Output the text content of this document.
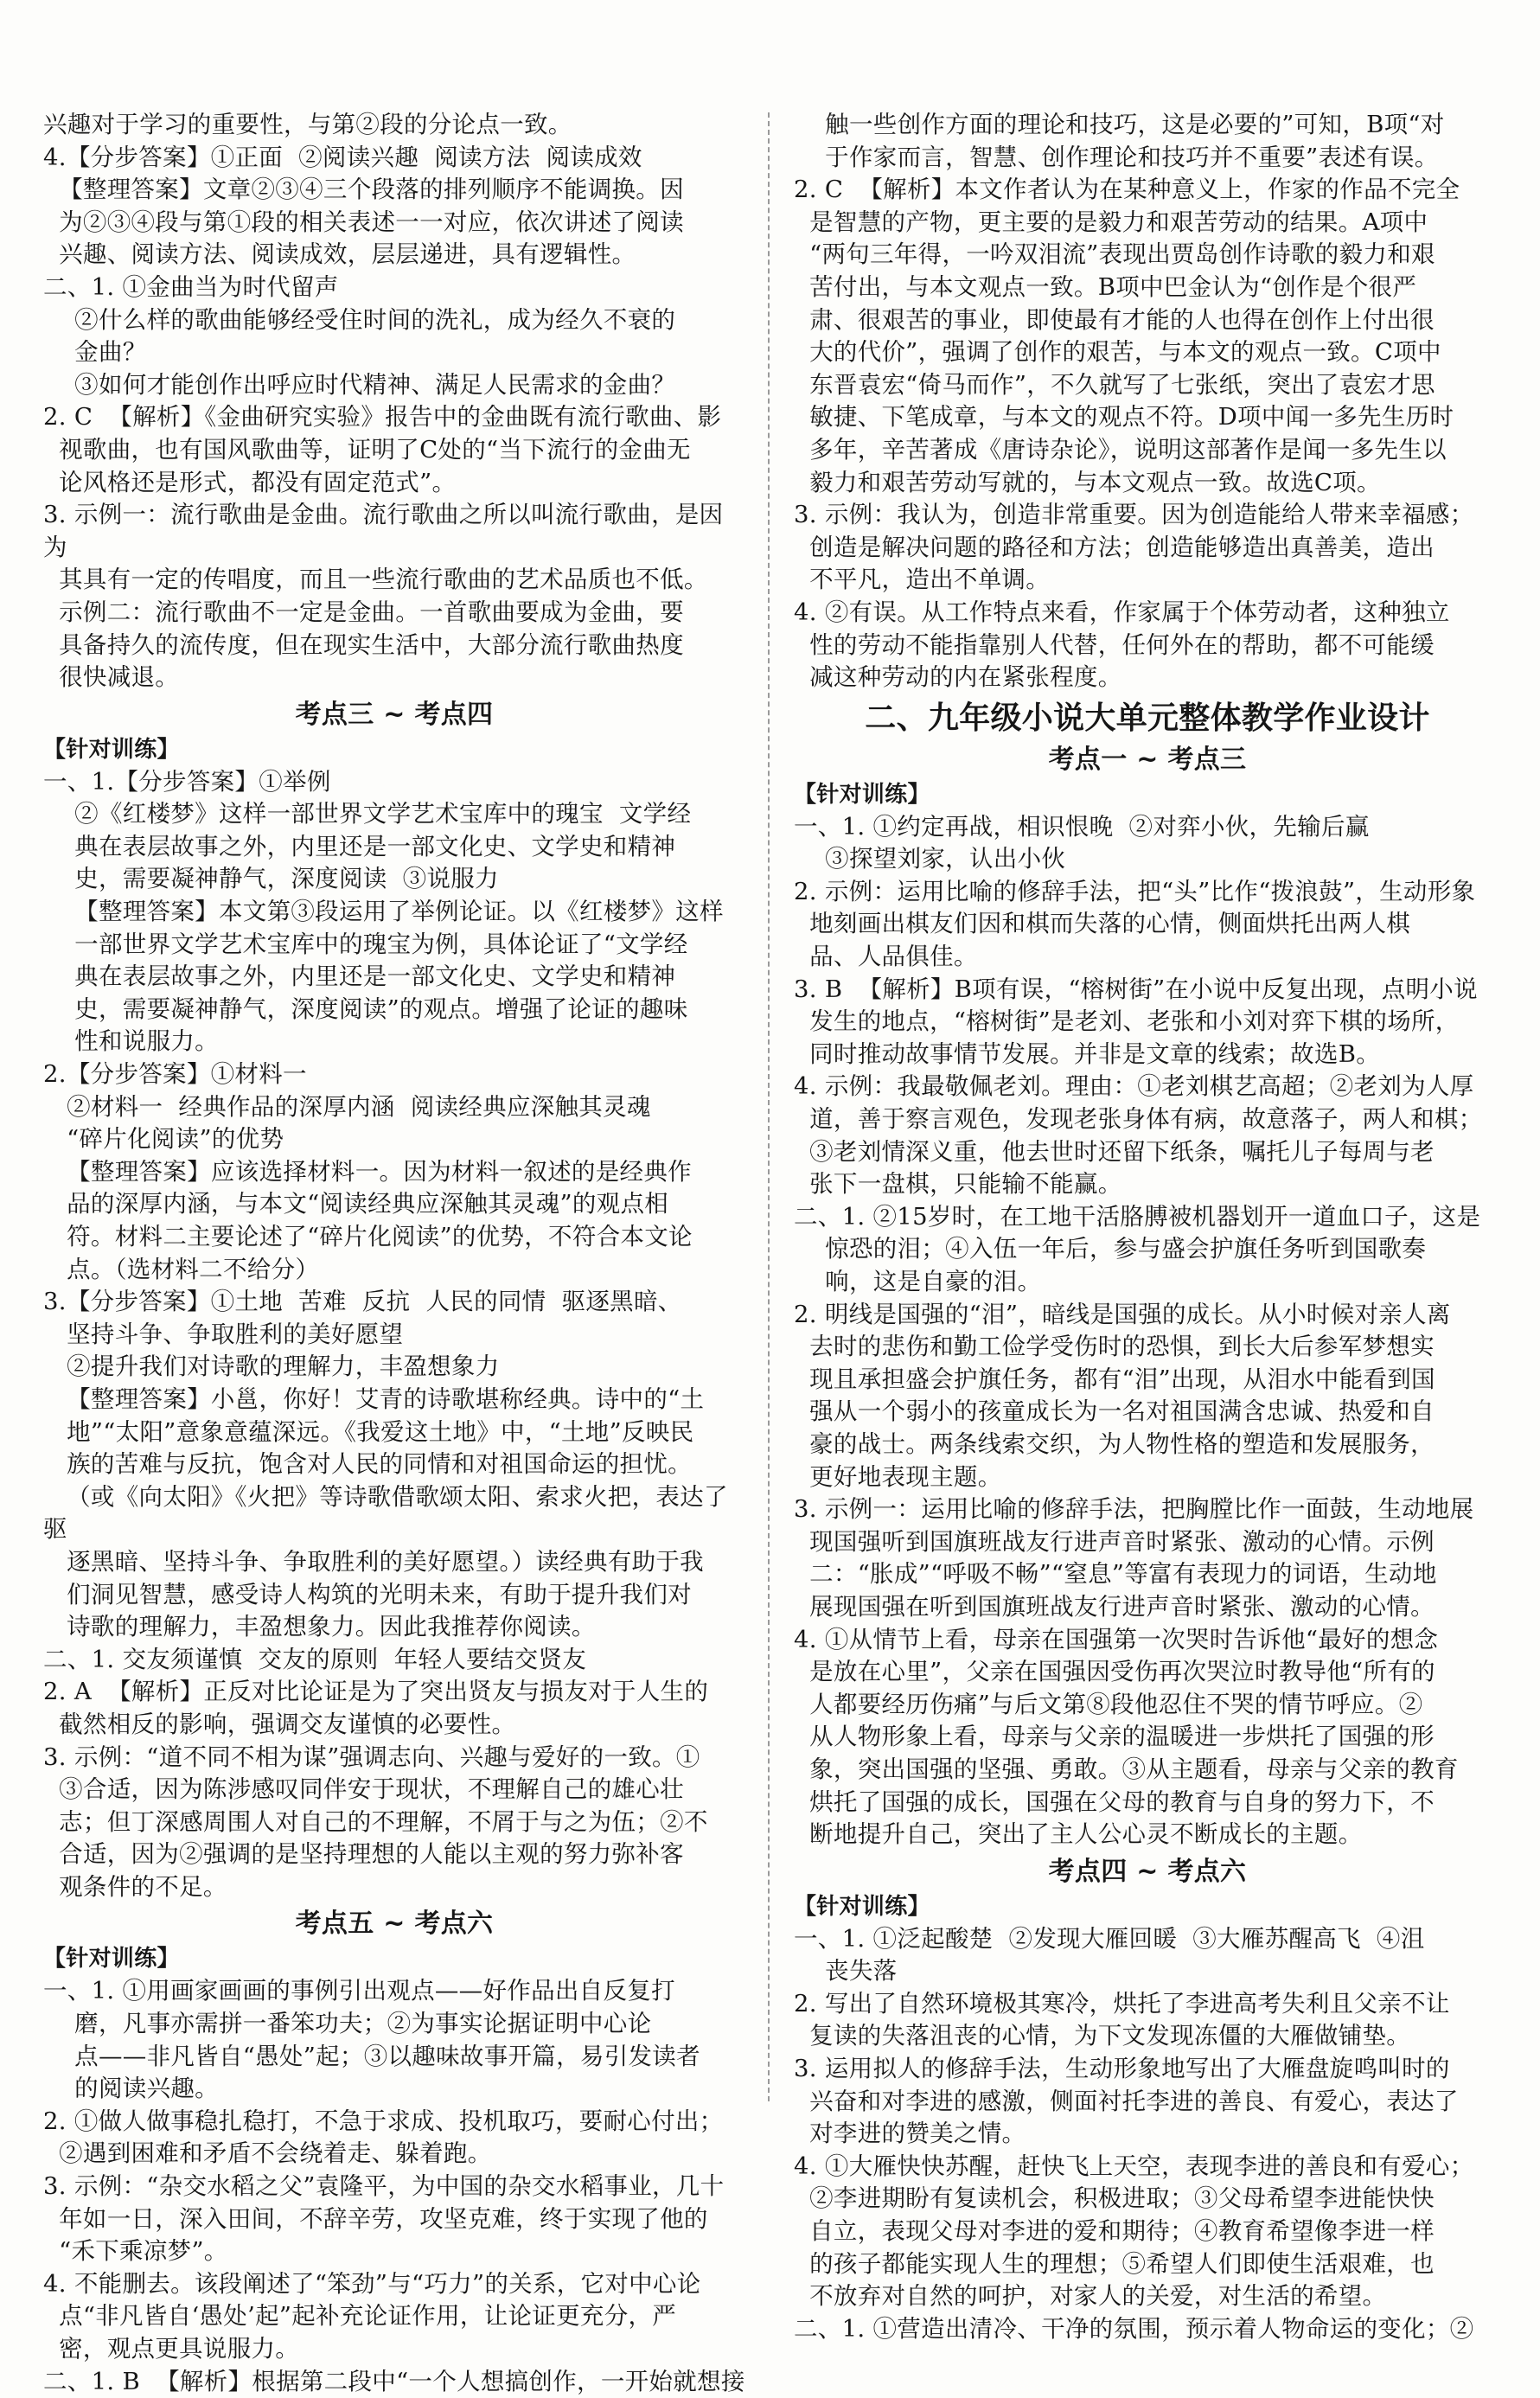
兴趣对于学习的重要性，与第②段的分论点一致。
4.【分步答案】①正面  ②阅读兴趣  阅读方法  阅读成效
【整理答案】文章②③④三个段落的排列顺序不能调换。因
为②③④段与第①段的相关表述一一对应，依次讲述了阅读
兴趣、阅读方法、阅读成效，层层递进，具有逻辑性。
二、1. ①金曲当为时代留声
②什么样的歌曲能够经受住时间的洗礼，成为经久不衰的
金曲？
③如何才能创作出呼应时代精神、满足人民需求的金曲？
2. C  【解析】《金曲研究实验》报告中的金曲既有流行歌曲、影
视歌曲，也有国风歌曲等，证明了C处的“当下流行的金曲无
论风格还是形式，都没有固定范式”。
3. 示例一：流行歌曲是金曲。流行歌曲之所以叫流行歌曲，是因为
其具有一定的传唱度，而且一些流行歌曲的艺术品质也不低。
示例二：流行歌曲不一定是金曲。一首歌曲要成为金曲，要
具备持久的流传度，但在现实生活中，大部分流行歌曲热度
很快减退。

考点三 ~ 考点四
【针对训练】

一、1.【分步答案】①举例
②《红楼梦》这样一部世界文学艺术宝库中的瑰宝  文学经
典在表层故事之外，内里还是一部文化史、文学史和精神
史，需要凝神静气，深度阅读  ③说服力
【整理答案】本文第③段运用了举例论证。以《红楼梦》这样
一部世界文学艺术宝库中的瑰宝为例，具体论证了“文学经
典在表层故事之外，内里还是一部文化史、文学史和精神
史，需要凝神静气，深度阅读”的观点。增强了论证的趣味
性和说服力。
2.【分步答案】①材料一
②材料一  经典作品的深厚内涵  阅读经典应深触其灵魂
“碎片化阅读”的优势
【整理答案】应该选择材料一。因为材料一叙述的是经典作
品的深厚内涵，与本文“阅读经典应深触其灵魂”的观点相
符。材料二主要论述了“碎片化阅读”的优势，不符合本文论
点。（选材料二不给分）
3.【分步答案】①土地  苦难  反抗  人民的同情  驱逐黑暗、
坚持斗争、争取胜利的美好愿望
②提升我们对诗歌的理解力，丰盈想象力
【整理答案】小邕，你好！艾青的诗歌堪称经典。诗中的“土
地”“太阳”意象意蕴深远。《我爱这土地》中，“土地”反映民
族的苦难与反抗，饱含对人民的同情和对祖国命运的担忧。
（或《向太阳》《火把》等诗歌借歌颂太阳、索求火把，表达了驱
逐黑暗、坚持斗争、争取胜利的美好愿望。）读经典有助于我
们洞见智慧，感受诗人构筑的光明未来，有助于提升我们对
诗歌的理解力，丰盈想象力。因此我推荐你阅读。
二、1. 交友须谨慎  交友的原则  年轻人要结交贤友
2. A  【解析】正反对比论证是为了突出贤友与损友对于人生的
截然相反的影响，强调交友谨慎的必要性。
3. 示例：“道不同不相为谋”强调志向、兴趣与爱好的一致。①
③合适，因为陈涉感叹同伴安于现状，不理解自己的雄心壮
志；但丁深感周围人对自己的不理解，不屑于与之为伍；②不
合适，因为②强调的是坚持理想的人能以主观的努力弥补客
观条件的不足。

考点五 ~ 考点六
【针对训练】

一、1. ①用画家画画的事例引出观点——好作品出自反复打
磨，凡事亦需拼一番笨功夫；②为事实论据证明中心论
点——非凡皆自“愚处”起；③以趣味故事开篇，易引发读者
的阅读兴趣。
2. ①做人做事稳扎稳打，不急于求成、投机取巧，要耐心付出；
②遇到困难和矛盾不会绕着走、躲着跑。
3. 示例：“杂交水稻之父”袁隆平，为中国的杂交水稻事业，几十
年如一日，深入田间，不辞辛劳，攻坚克难，终于实现了他的
“禾下乘凉梦”。
4. 不能删去。该段阐述了“笨劲”与“巧力”的关系，它对中心论
点“非凡皆自‘愚处’起”起补充论证作用，让论证更充分，严
密，观点更具说服力。
二、1. B  【解析】根据第二段中“一个人想搞创作，一开始就想接

触一些创作方面的理论和技巧，这是必要的”可知，B项“对
于作家而言，智慧、创作理论和技巧并不重要”表述有误。
2. C  【解析】本文作者认为在某种意义上，作家的作品不完全
是智慧的产物，更主要的是毅力和艰苦劳动的结果。A项中
“两句三年得，一吟双泪流”表现出贾岛创作诗歌的毅力和艰
苦付出，与本文观点一致。B项中巴金认为“创作是个很严
肃、很艰苦的事业，即使最有才能的人也得在创作上付出很
大的代价”，强调了创作的艰苦，与本文的观点一致。C项中
东晋袁宏“倚马而作”，不久就写了七张纸，突出了袁宏才思
敏捷、下笔成章，与本文的观点不符。D项中闻一多先生历时
多年，辛苦著成《唐诗杂论》，说明这部著作是闻一多先生以
毅力和艰苦劳动写就的，与本文观点一致。故选C项。
3. 示例：我认为，创造非常重要。因为创造能给人带来幸福感；
创造是解决问题的路径和方法；创造能够造出真善美，造出
不平凡，造出不单调。
4. ②有误。从工作特点来看，作家属于个体劳动者，这种独立
性的劳动不能指靠别人代替，任何外在的帮助，都不可能缓
减这种劳动的内在紧张程度。

二、九年级小说大单元整体教学作业设计
考点一 ~ 考点三
【针对训练】

一、1. ①约定再战，相识恨晚  ②对弈小伙，先输后赢
③探望刘家，认出小伙
2. 示例：运用比喻的修辞手法，把“头”比作“拨浪鼓”，生动形象
地刻画出棋友们因和棋而失落的心情，侧面烘托出两人棋
品、人品俱佳。
3. B  【解析】B项有误，“榕树街”在小说中反复出现，点明小说
发生的地点，“榕树街”是老刘、老张和小刘对弈下棋的场所，
同时推动故事情节发展。并非是文章的线索；故选B。
4. 示例：我最敬佩老刘。理由：①老刘棋艺高超；②老刘为人厚
道，善于察言观色，发现老张身体有病，故意落子，两人和棋；
③老刘情深义重，他去世时还留下纸条，嘱托儿子每周与老
张下一盘棋，只能输不能赢。
二、1. ②15岁时，在工地干活胳膊被机器划开一道血口子，这是
惊恐的泪；④入伍一年后，参与盛会护旗任务听到国歌奏
响，这是自豪的泪。
2. 明线是国强的“泪”，暗线是国强的成长。从小时候对亲人离
去时的悲伤和勤工俭学受伤时的恐惧，到长大后参军梦想实
现且承担盛会护旗任务，都有“泪”出现，从泪水中能看到国
强从一个弱小的孩童成长为一名对祖国满含忠诚、热爱和自
豪的战士。两条线索交织，为人物性格的塑造和发展服务，
更好地表现主题。
3. 示例一：运用比喻的修辞手法，把胸膛比作一面鼓，生动地展
现国强听到国旗班战友行进声音时紧张、激动的心情。示例
二：“胀成”“呼吸不畅”“窒息”等富有表现力的词语，生动地
展现国强在听到国旗班战友行进声音时紧张、激动的心情。
4. ①从情节上看，母亲在国强第一次哭时告诉他“最好的想念
是放在心里”，父亲在国强因受伤再次哭泣时教导他“所有的
人都要经历伤痛”与后文第⑧段他忍住不哭的情节呼应。②
从人物形象上看，母亲与父亲的温暖进一步烘托了国强的形
象，突出国强的坚强、勇敢。③从主题看，母亲与父亲的教育
烘托了国强的成长，国强在父母的教育与自身的努力下，不
断地提升自己，突出了主人公心灵不断成长的主题。

考点四 ~ 考点六
【针对训练】

一、1. ①泛起酸楚  ②发现大雁回暖  ③大雁苏醒高飞  ④沮
丧失落
2. 写出了自然环境极其寒冷，烘托了李进高考失利且父亲不让
复读的失落沮丧的心情，为下文发现冻僵的大雁做铺垫。
3. 运用拟人的修辞手法，生动形象地写出了大雁盘旋鸣叫时的
兴奋和对李进的感激，侧面衬托李进的善良、有爱心，表达了
对李进的赞美之情。
4. ①大雁快快苏醒，赶快飞上天空，表现李进的善良和有爱心；
②李进期盼有复读机会，积极进取；③父母希望李进能快快
自立，表现父母对李进的爱和期待；④教育希望像李进一样
的孩子都能实现人生的理想；⑤希望人们即使生活艰难，也
不放弃对自然的呵护，对家人的关爱，对生活的希望。
二、1. ①营造出清冷、干净的氛围，预示着人物命运的变化；②
